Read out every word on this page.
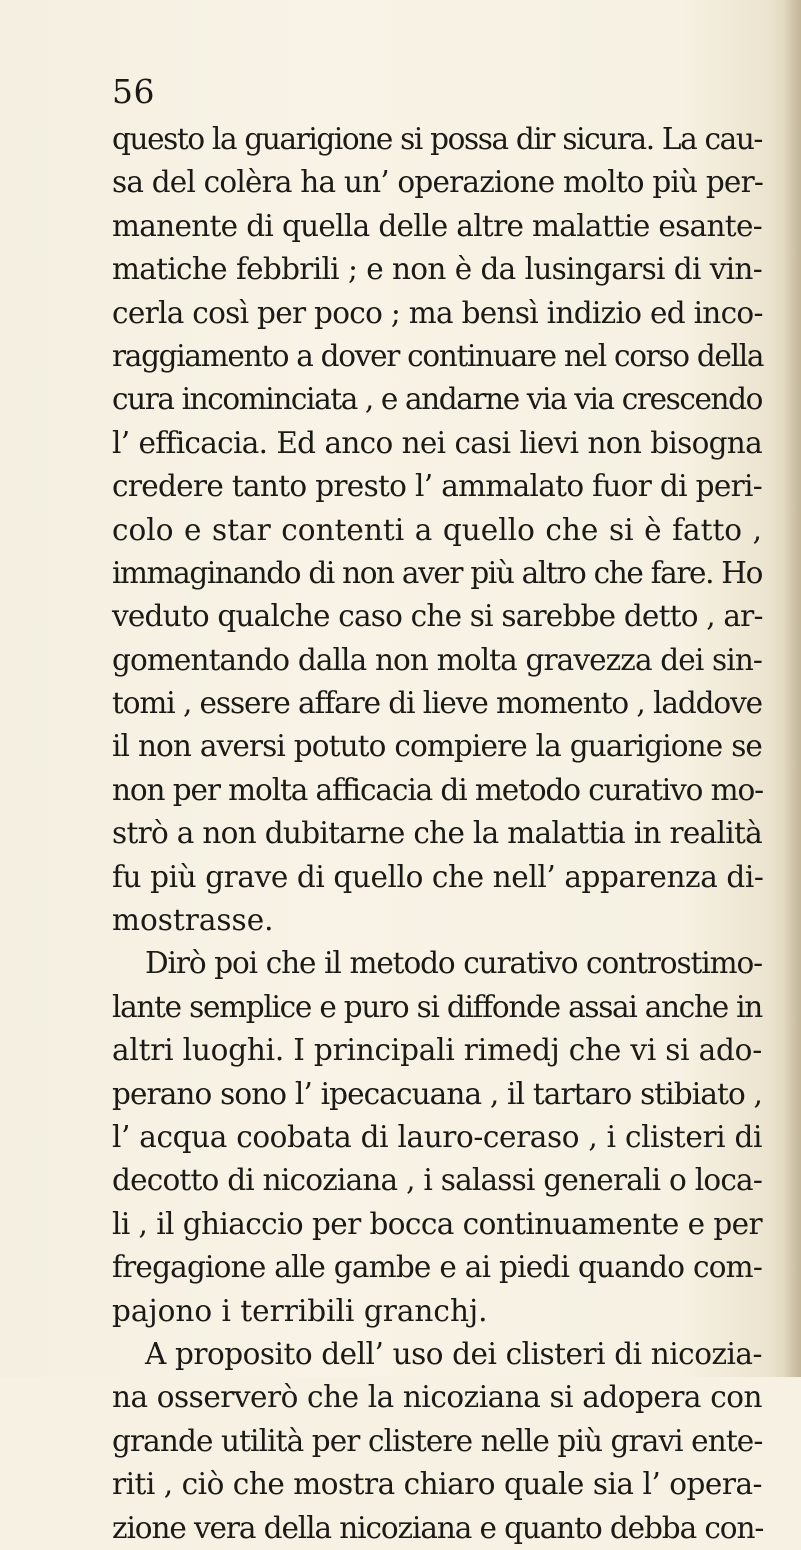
56
questo la guarigione si possa dir sicura. La cau-
sa del colèra ha un’ operazione molto più per-
manente di quella delle altre malattie esante-
matiche febbrili ; e non è da lusingarsi di vin-
cerla così per poco ; ma bensì indizio ed inco-
raggiamento a dover continuare nel corso della
cura incominciata , e andarne via via crescendo
l’ efficacia. Ed anco nei casi lievi non bisogna
credere tanto presto l’ ammalato fuor di peri-
colo e star contenti a quello che si è fatto ,
immaginando di non aver più altro che fare. Ho
veduto qualche caso che si sarebbe detto , ar-
gomentando dalla non molta gravezza dei sin-
tomi , essere affare di lieve momento , laddove
il non aversi potuto compiere la guarigione se
non per molta afficacia di metodo curativo mo-
strò a non dubitarne che la malattia in realità
fu più grave di quello che nell’ apparenza di-
mostrasse.
Dirò poi che il metodo curativo controstimo-
lante semplice e puro si diffonde assai anche in
altri luoghi. I principali rimedj che vi si ado-
perano sono l’ ipecacuana , il tartaro stibiato ,
l’ acqua coobata di lauro-ceraso , i clisteri di
decotto di nicoziana , i salassi generali o loca-
li , il ghiaccio per bocca continuamente e per
fregagione alle gambe e ai piedi quando com-
pajono i terribili granchj.
A proposito dell’ uso dei clisteri di nicozia-
na osserverò che la nicoziana si adopera con
grande utilità per clistere nelle più gravi ente-
riti , ciò che mostra chiaro quale sia l’ opera-
zione vera della nicoziana e quanto debba con-
